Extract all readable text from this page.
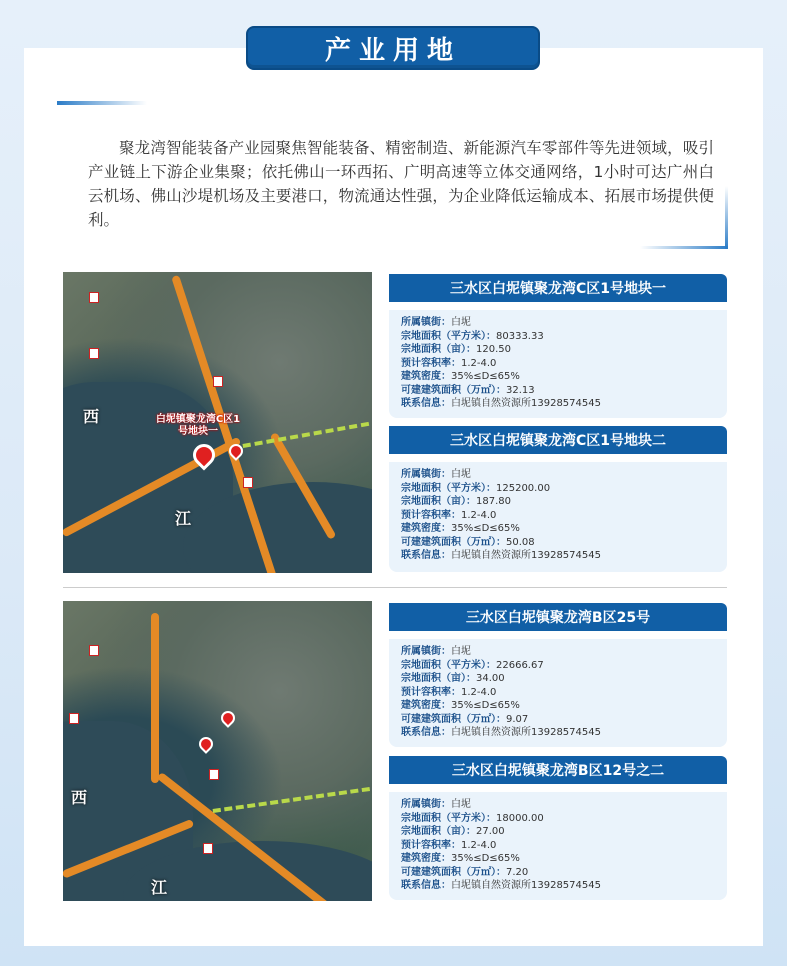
产业用地

聚龙湾智能装备产业园聚焦智能装备、精密制造、新能源汽车零部件等先进领域，吸引产业链上下游企业集聚；依托佛山一环西拓、广明高速等立体交通网络，1小时可达广州白云机场、佛山沙堤机场及主要港口，物流通达性强，为企业降低运输成本、拓展市场提供便利。

西
江

白坭镇聚龙湾C区1号地块一
三水区白坭镇聚龙湾C区1号地块一
所属镇街：白坭
宗地面积（平方米）：80333.33
宗地面积（亩）：120.50
预计容积率：1.2-4.0
建筑密度：35%≤D≤65%
可建建筑面积（万㎡）：32.13
联系信息：白坭镇自然资源所13928574545
三水区白坭镇聚龙湾C区1号地块二
所属镇街：白坭
宗地面积（平方米）：125200.00
宗地面积（亩）：187.80
预计容积率：1.2-4.0
建筑密度：35%≤D≤65%
可建建筑面积（万㎡）：50.08
联系信息：白坭镇自然资源所13928574545
西
江

三水区白坭镇聚龙湾B区25号
所属镇街：白坭
宗地面积（平方米）：22666.67
宗地面积（亩）：34.00
预计容积率：1.2-4.0
建筑密度：35%≤D≤65%
可建建筑面积（万㎡）：9.07
联系信息：白坭镇自然资源所13928574545
三水区白坭镇聚龙湾B区12号之二
所属镇街：白坭
宗地面积（平方米）：18000.00
宗地面积（亩）：27.00
预计容积率：1.2-4.0
建筑密度：35%≤D≤65%
可建建筑面积（万㎡）：7.20
联系信息：白坭镇自然资源所13928574545
